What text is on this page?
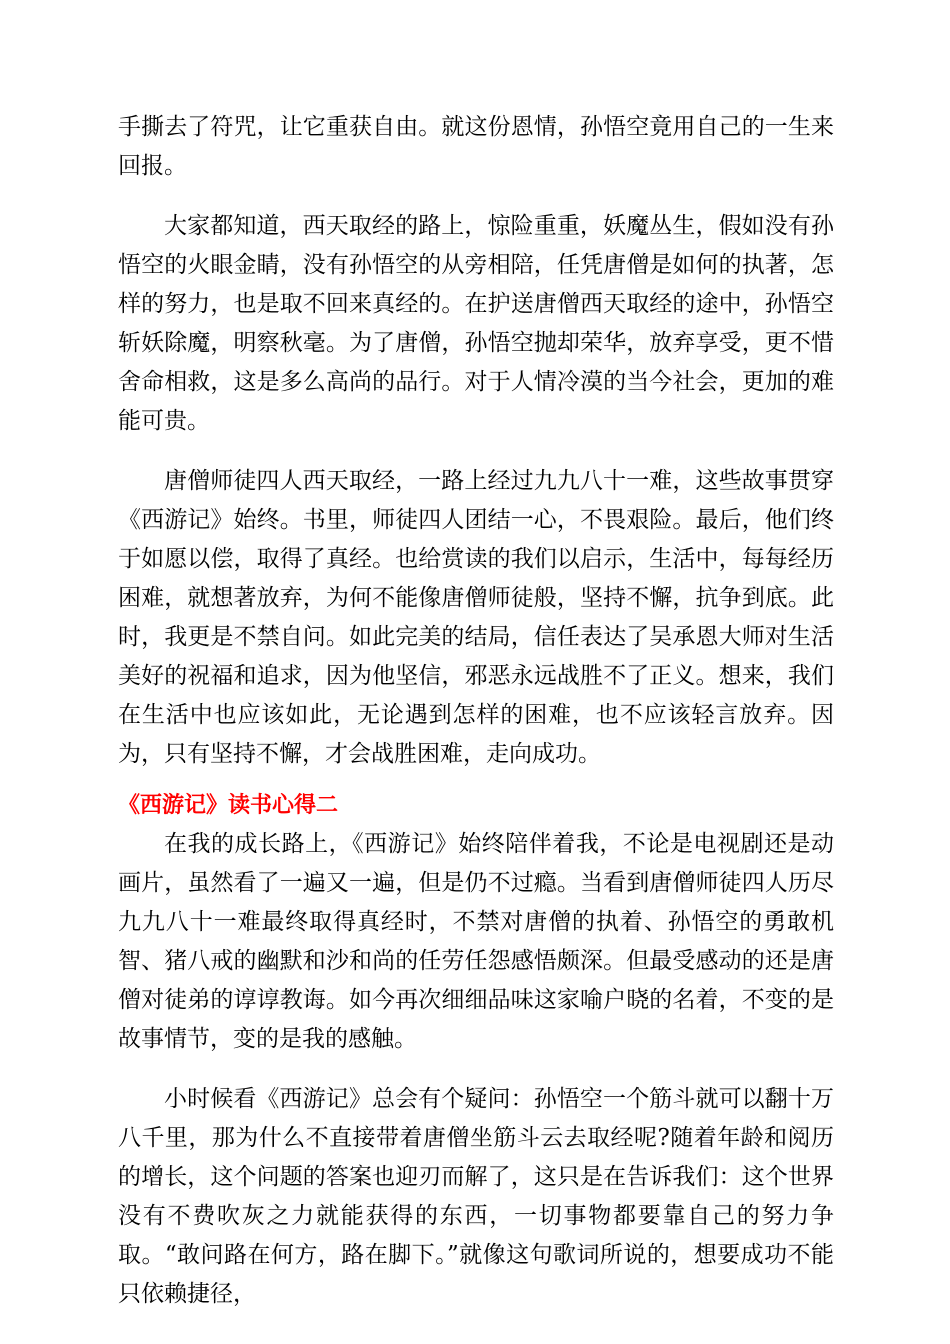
手撕去了符咒，让它重获自由。就这份恩情，孙悟空竟用自己的一生来回报。

大家都知道，西天取经的路上，惊险重重，妖魔丛生，假如没有孙悟空的火眼金睛，没有孙悟空的从旁相陪，任凭唐僧是如何的执著，怎样的努力，也是取不回来真经的。在护送唐僧西天取经的途中，孙悟空斩妖除魔，明察秋毫。为了唐僧，孙悟空抛却荣华，放弃享受，更不惜舍命相救，这是多么高尚的品行。对于人情冷漠的当今社会，更加的难能可贵。

唐僧师徒四人西天取经，一路上经过九九八十一难，这些故事贯穿《西游记》始终。书里，师徒四人团结一心，不畏艰险。最后，他们终于如愿以偿，取得了真经。也给赏读的我们以启示，生活中，每每经历困难，就想著放弃，为何不能像唐僧师徒般，坚持不懈，抗争到底。此时，我更是不禁自问。如此完美的结局，信任表达了吴承恩大师对生活美好的祝福和追求，因为他坚信，邪恶永远战胜不了正义。想来，我们在生活中也应该如此，无论遇到怎样的困难，也不应该轻言放弃。因为，只有坚持不懈，才会战胜困难，走向成功。

《西游记》读书心得二

在我的成长路上，《西游记》始终陪伴着我，不论是电视剧还是动画片，虽然看了一遍又一遍，但是仍不过瘾。当看到唐僧师徒四人历尽九九八十一难最终取得真经时，不禁对唐僧的执着、孙悟空的勇敢机智、猪八戒的幽默和沙和尚的任劳任怨感悟颇深。但最受感动的还是唐僧对徒弟的谆谆教诲。如今再次细细品味这家喻户晓的名着，不变的是故事情节，变的是我的感触。

小时候看《西游记》总会有个疑问：孙悟空一个筋斗就可以翻十万八千里，那为什么不直接带着唐僧坐筋斗云去取经呢?随着年龄和阅历的增长，这个问题的答案也迎刃而解了，这只是在告诉我们：这个世界没有不费吹灰之力就能获得的东西，一切事物都要靠自己的努力争取。“敢问路在何方，路在脚下。”就像这句歌词所说的，想要成功不能只依赖捷径，
